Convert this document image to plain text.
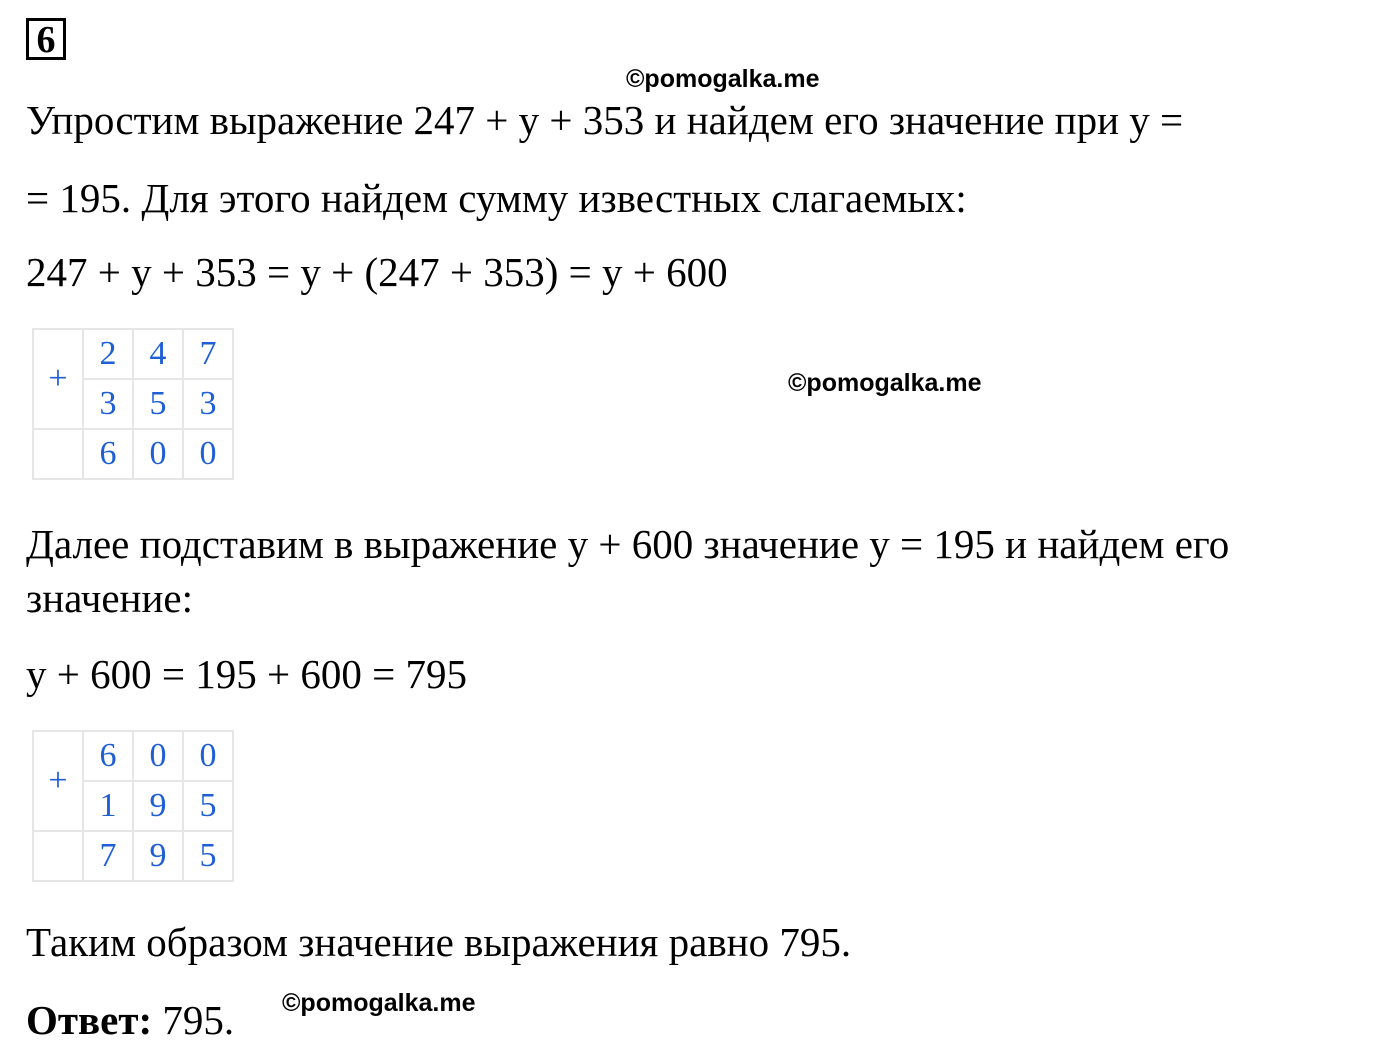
6
©pomogalka.me
Упростим выражение 247 + y + 353 и найдем его значение при y =
= 195. Для этого найдем сумму известных слагаемых:
247 + y + 353 = y + (247 + 353) = y + 600
+	2	4	7
	3	5	3
	6	0	0
©pomogalka.me
Далее подставим в выражение y + 600 значение y = 195 и найдем его
значение:
y + 600 = 195 + 600 = 795
+	6	0	0
	1	9	5
	7	9	5
Таким образом значение выражения равно 795.
Ответ: 795. ©pomogalka.me
